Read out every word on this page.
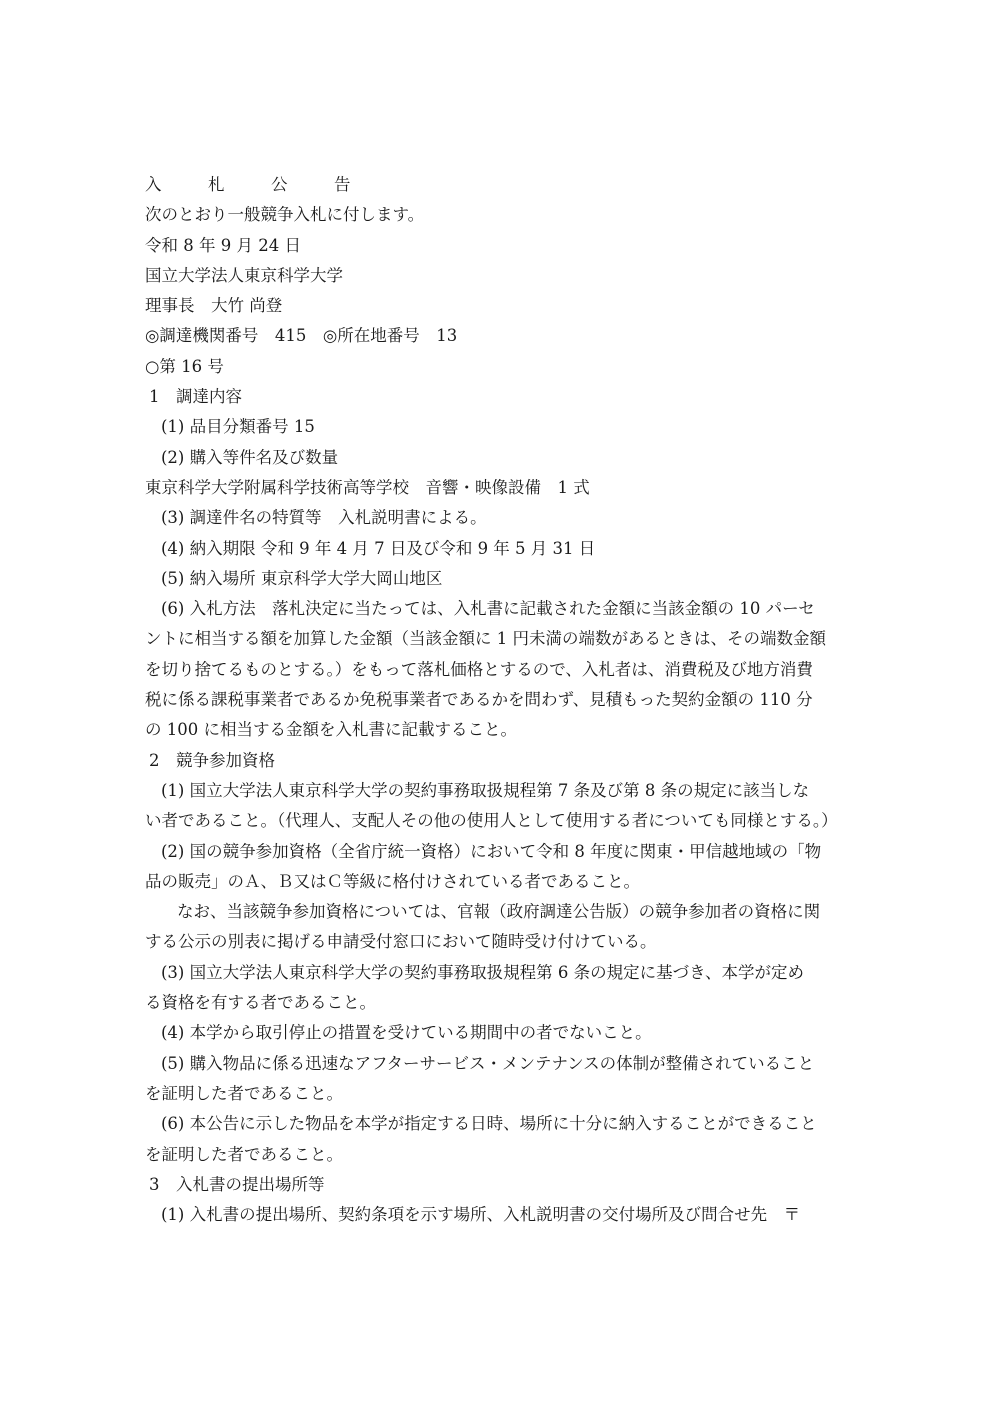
入　札　公　告

次のとおり一般競争入札に付します。

令和 8 年 9 月 24 日

国立大学法人東京科学大学

理事長　大竹 尚登

◎調達機関番号　415　◎所在地番号　13

○第 16 号

1　調達内容

(1) 品目分類番号 15

(2) 購入等件名及び数量

東京科学大学附属科学技術高等学校　音響・映像設備　1 式

(3) 調達件名の特質等　入札説明書による。

(4) 納入期限 令和 9 年 4 月 7 日及び令和 9 年 5 月 31 日

(5) 納入場所 東京科学大学大岡山地区

(6) 入札方法　落札決定に当たっては、入札書に記載された金額に当該金額の 10 パーセ

ントに相当する額を加算した金額（当該金額に 1 円未満の端数があるときは、その端数金額

を切り捨てるものとする。）をもって落札価格とするので、入札者は、消費税及び地方消費

税に係る課税事業者であるか免税事業者であるかを問わず、見積もった契約金額の 110 分

の 100 に相当する金額を入札書に記載すること。

2　競争参加資格

(1) 国立大学法人東京科学大学の契約事務取扱規程第 7 条及び第 8 条の規定に該当しな

い者であること。（代理人、支配人その他の使用人として使用する者についても同様とする。）

(2) 国の競争参加資格（全省庁統一資格）において令和 8 年度に関東・甲信越地域の「物

品の販売」のＡ、Ｂ又はＣ等級に格付けされている者であること。

なお、当該競争参加資格については、官報（政府調達公告版）の競争参加者の資格に関

する公示の別表に掲げる申請受付窓口において随時受け付けている。

(3) 国立大学法人東京科学大学の契約事務取扱規程第 6 条の規定に基づき、本学が定め

る資格を有する者であること。

(4) 本学から取引停止の措置を受けている期間中の者でないこと。

(5) 購入物品に係る迅速なアフターサービス・メンテナンスの体制が整備されていること

を証明した者であること。

(6) 本公告に示した物品を本学が指定する日時、場所に十分に納入することができること

を証明した者であること。

3　入札書の提出場所等

(1) 入札書の提出場所、契約条項を示す場所、入札説明書の交付場所及び問合せ先　〒
